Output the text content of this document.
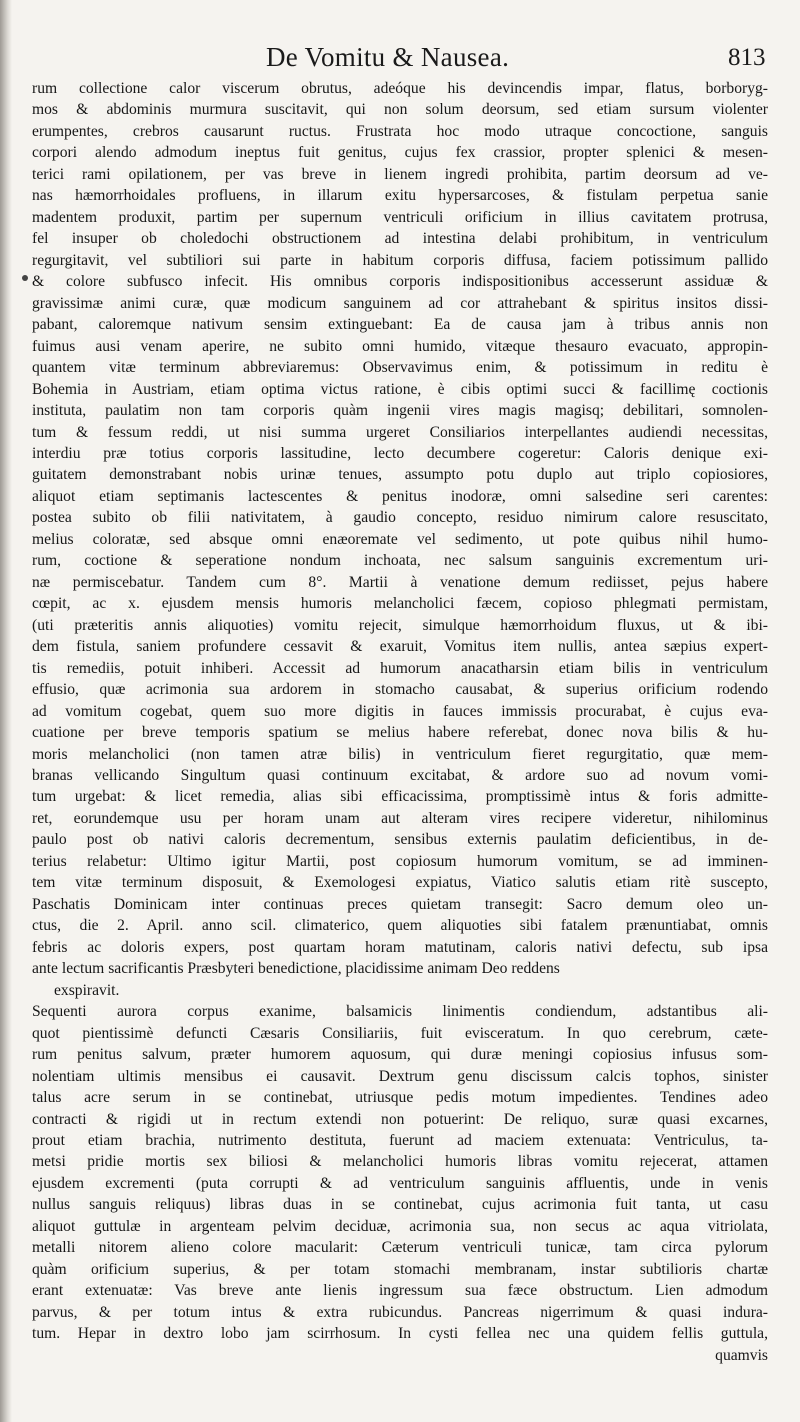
De Vomitu & Nausea.	813
rum collectione calor viscerum obrutus, adeóque his devincendis impar, flatus, borboryg-
mos & abdominis murmura suscitavit, qui non solum deorsum, sed etiam sursum violenter
erumpentes, crebros causarunt ructus. Frustrata hoc modo utraque concoctione, sanguis
corpori alendo admodum ineptus fuit genitus, cujus fex crassior, propter splenici & mesen-
terici rami opilationem, per vas breve in lienem ingredi prohibita, partim deorsum ad ve-
nas hæmorrhoidales profluens, in illarum exitu hypersarcoses, & fistulam perpetua sanie
madentem produxit, partim per supernum ventriculi orificium in illius cavitatem protrusa,
fel insuper ob choledochi obstructionem ad intestina delabi prohibitum, in ventriculum
regurgitavit, vel subtiliori sui parte in habitum corporis diffusa, faciem potissimum pallido
& colore subfusco infecit. His omnibus corporis indispositionibus accesserunt assiduæ &
gravissimæ animi curæ, quæ modicum sanguinem ad cor attrahebant & spiritus insitos dissi-
pabant, caloremque nativum sensim extinguebant: Ea de causa jam à tribus annis non
fuimus ausi venam aperire, ne subito omni humido, vitæque thesauro evacuato, appropin-
quantem vitæ terminum abbreviaremus: Observavimus enim, & potissimum in reditu è
Bohemia in Austriam, etiam optima victus ratione, è cibis optimi succi & facillimę coctionis
instituta, paulatim non tam corporis quàm ingenii vires magis magisq; debilitari, somnolen-
tum & fessum reddi, ut nisi summa urgeret Consiliarios interpellantes audiendi necessitas,
interdiu præ totius corporis lassitudine, lecto decumbere cogeretur: Caloris denique exi-
guitatem demonstrabant nobis urinæ tenues, assumpto potu duplo aut triplo copiosiores,
aliquot etiam septimanis lactescentes & penitus inodoræ, omni salsedine seri carentes:
postea subito ob filii nativitatem, à gaudio concepto, residuo nimirum calore resuscitato,
melius coloratæ, sed absque omni enæoremate vel sedimento, ut pote quibus nihil humo-
rum, coctione & seperatione nondum inchoata, nec salsum sanguinis excrementum uri-
næ permiscebatur. Tandem cum 8°. Martii à venatione demum rediisset, pejus habere
cœpit, ac x. ejusdem mensis humoris melancholici fæcem, copioso phlegmati permistam,
(uti præteritis annis aliquoties) vomitu rejecit, simulque hæmorrhoidum fluxus, ut & ibi-
dem fistula, saniem profundere cessavit & exaruit, Vomitus item nullis, antea sæpius expert-
tis remediis, potuit inhiberi. Accessit ad humorum anacatharsin etiam bilis in ventriculum
effusio, quæ acrimonia sua ardorem in stomacho causabat, & superius orificium rodendo
ad vomitum cogebat, quem suo more digitis in fauces immissis procurabat, è cujus eva-
cuatione per breve temporis spatium se melius habere referebat, donec nova bilis & hu-
moris melancholici (non tamen atræ bilis) in ventriculum fieret regurgitatio, quæ mem-
branas vellicando Singultum quasi continuum excitabat, & ardore suo ad novum vomi-
tum urgebat: & licet remedia, alias sibi efficacissima, promptissimè intus & foris admitte-
ret, eorundemque usu per horam unam aut alteram vires recipere videretur, nihilominus
paulo post ob nativi caloris decrementum, sensibus externis paulatim deficientibus, in de-
terius relabetur: Ultimo igitur Martii, post copiosum humorum vomitum, se ad imminen-
tem vitæ terminum disposuit, & Exemologesi expiatus, Viatico salutis etiam ritè suscepto,
Paschatis Dominicam inter continuas preces quietam transegit: Sacro demum oleo un-
ctus, die 2. April. anno scil. climaterico, quem aliquoties sibi fatalem prænuntiabat, omnis
febris ac doloris expers, post quartam horam matutinam, caloris nativi defectu, sub ipsa
ante lectum sacrificantis Præsbyteri benedictione, placidissime animam Deo reddens
exspiravit.
Sequenti aurora corpus exanime, balsamicis linimentis condiendum, adstantibus ali-
quot pientissimè defuncti Cæsaris Consiliariis, fuit evisceratum. In quo cerebrum, cæte-
rum penitus salvum, præter humorem aquosum, qui duræ meningi copiosius infusus som-
nolentiam ultimis mensibus ei causavit. Dextrum genu discissum calcis tophos, sinister
talus acre serum in se continebat, utriusque pedis motum impedientes. Tendines adeo
contracti & rigidi ut in rectum extendi non potuerint: De reliquo, suræ quasi excarnes,
prout etiam brachia, nutrimento destituta, fuerunt ad maciem extenuata: Ventriculus, ta-
metsi pridie mortis sex biliosi & melancholici humoris libras vomitu rejecerat, attamen
ejusdem excrementi (puta corrupti & ad ventriculum sanguinis affluentis, unde in venis
nullus sanguis reliquus) libras duas in se continebat, cujus acrimonia fuit tanta, ut casu
aliquot guttulæ in argenteam pelvim deciduæ, acrimonia sua, non secus ac aqua vitriolata,
metalli nitorem alieno colore macularit: Cæterum ventriculi tunicæ, tam circa pylorum
quàm orificium superius, & per totam stomachi membranam, instar subtilioris chartæ
erant extenuatæ: Vas breve ante lienis ingressum sua fæce obstructum. Lien admodum
parvus, & per totum intus & extra rubicundus. Pancreas nigerrimum & quasi indura-
tum. Hepar in dextro lobo jam scirrhosum. In cysti fellea nec una quidem fellis guttula,
quamvis
